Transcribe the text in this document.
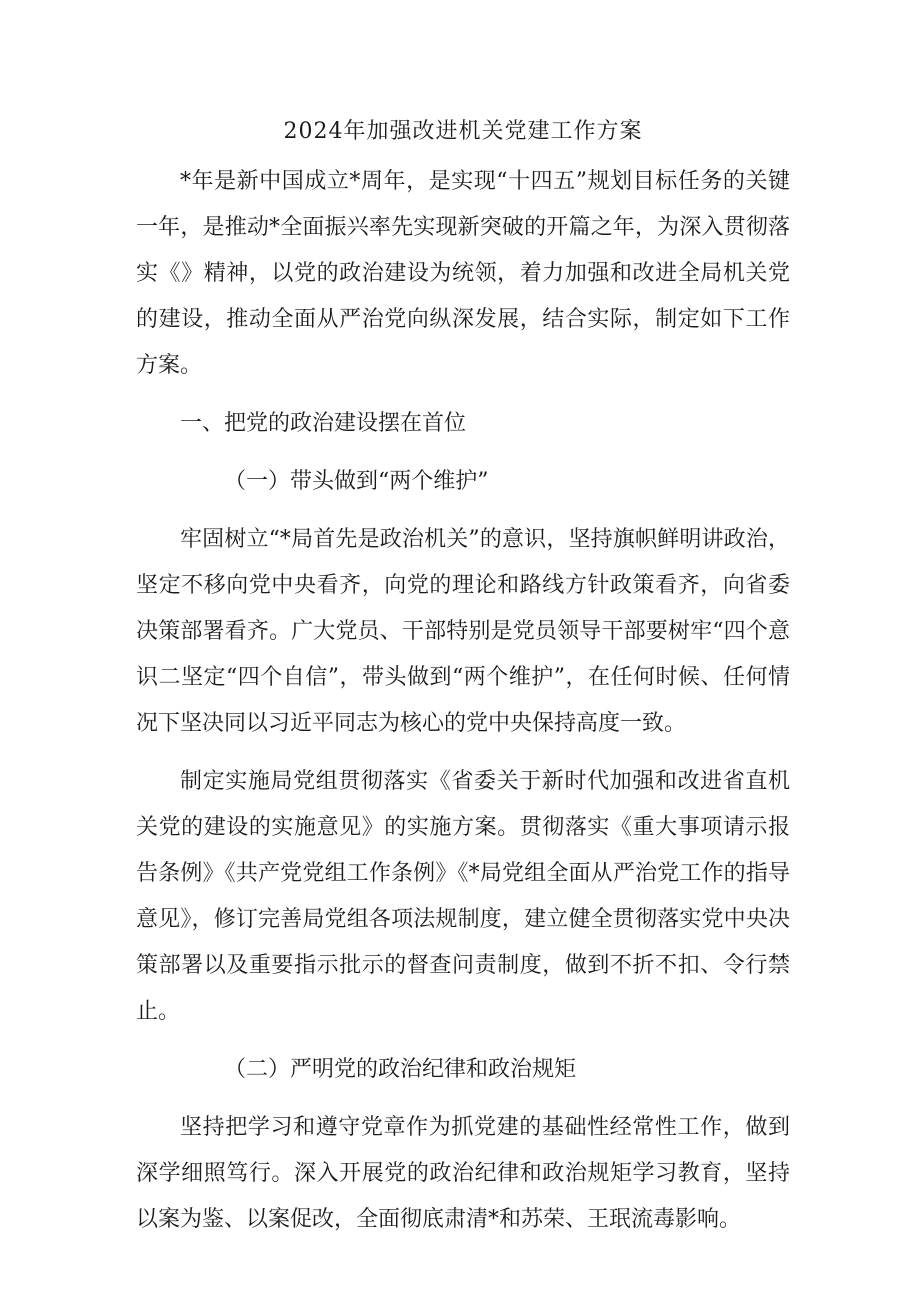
2024年加强改进机关党建工作方案

*年是新中国成立*周年，是实现“十四五”规划目标任务的关键一年，是推动*全面振兴率先实现新突破的开篇之年，为深入贯彻落实《》精神，以党的政治建设为统领，着力加强和改进全局机关党的建设，推动全面从严治党向纵深发展，结合实际，制定如下工作方案。

一、把党的政治建设摆在首位

（一）带头做到“两个维护”

牢固树立“*局首先是政治机关”的意识，坚持旗帜鲜明讲政治，坚定不移向党中央看齐，向党的理论和路线方针政策看齐，向省委决策部署看齐。广大党员、干部特别是党员领导干部要树牢“四个意识二坚定“四个自信”，带头做到“两个维护”，在任何时候、任何情况下坚决同以习近平同志为核心的党中央保持高度一致。

制定实施局党组贯彻落实《省委关于新时代加强和改进省直机关党的建设的实施意见》的实施方案。贯彻落实《重大事项请示报告条例》《共产党党组工作条例》《*局党组全面从严治党工作的指导意见》，修订完善局党组各项法规制度，建立健全贯彻落实党中央决策部署以及重要指示批示的督查问责制度，做到不折不扣、令行禁止。

（二）严明党的政治纪律和政治规矩

坚持把学习和遵守党章作为抓党建的基础性经常性工作，做到深学细照笃行。深入开展党的政治纪律和政治规矩学习教育，坚持以案为鉴、以案促改，全面彻底肃清*和苏荣、王珉流毒影响。
